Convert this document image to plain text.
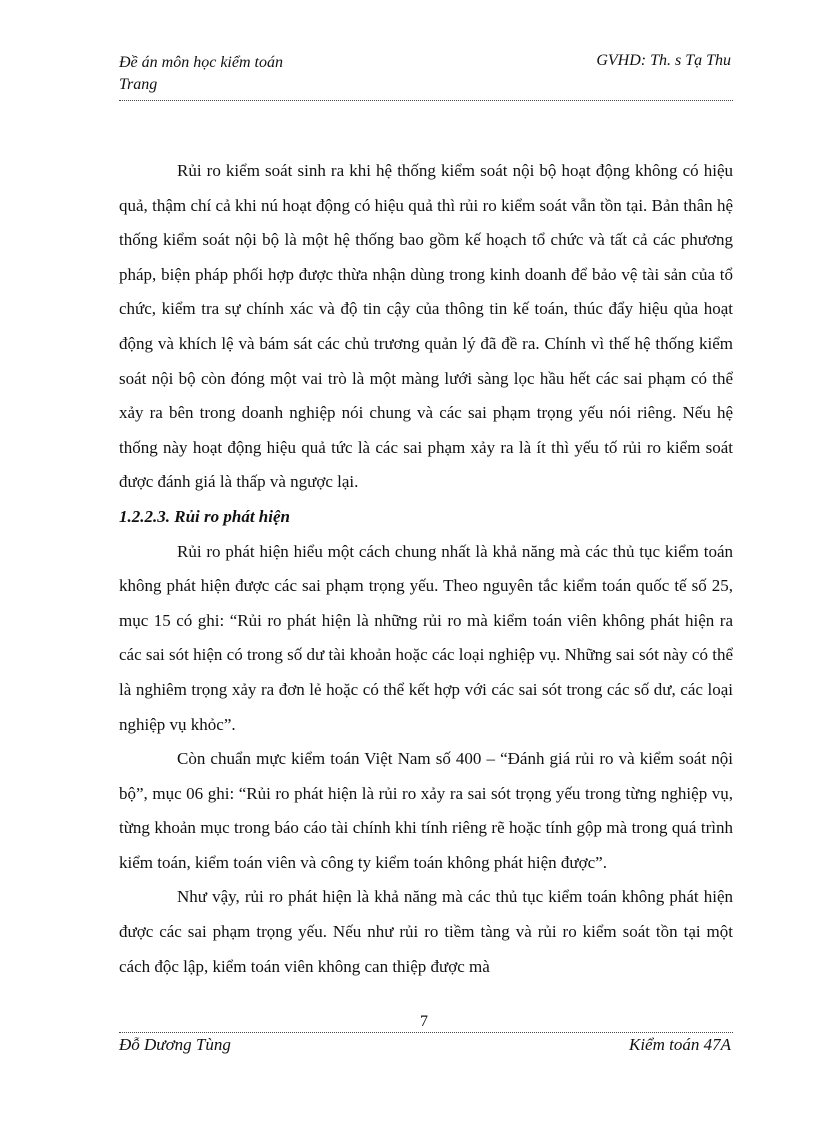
Đề án môn học kiểm toán
Trang
GVHD: Th. s Tạ Thu

Rủi ro kiểm soát sinh ra khi hệ thống kiểm soát nội bộ hoạt động không có hiệu quả, thậm chí cả khi nú hoạt động có hiệu quả thì rủi ro kiểm soát vẫn tồn tại. Bản thân hệ thống kiểm soát nội bộ là một hệ thống bao gồm kế hoạch tổ chức và tất cả các phương pháp, biện pháp phối hợp được thừa nhận dùng trong kinh doanh để bảo vệ tài sản của tổ chức, kiểm tra sự chính xác và độ tin cậy của thông tin kế toán, thúc đẩy hiệu qủa hoạt động và khích lệ và bám sát các chủ trương quản lý đã đề ra. Chính vì thế hệ thống kiểm soát nội bộ còn đóng một vai trò là một màng lưới sàng lọc hầu hết các sai phạm có thể xảy ra bên trong doanh nghiệp nói chung và các sai phạm trọng yếu nói riêng. Nếu hệ thống này hoạt động hiệu quả tức là các sai phạm xảy ra là ít thì yếu tố rủi ro kiểm soát được đánh giá là thấp và ngược lại.

1.2.2.3. Rủi ro phát hiện

Rủi ro phát hiện hiểu một cách chung nhất là khả năng mà các thủ tục kiểm toán không phát hiện được các sai phạm trọng yếu. Theo nguyên tắc kiểm toán quốc tế số 25, mục 15 có ghi: “Rủi ro phát hiện là những rủi ro mà kiểm toán viên không phát hiện ra các sai sót hiện có trong số dư tài khoản hoặc các loại nghiệp vụ. Những sai sót này có thể là nghiêm trọng xảy ra đơn lẻ hoặc có thể kết hợp với các sai sót trong các số dư, các loại nghiệp vụ khỏc”.

Còn chuẩn mực kiểm toán Việt Nam số 400 – “Đánh giá rủi ro và kiểm soát nội bộ”, mục 06 ghi: “Rủi ro phát hiện là rủi ro xảy ra sai sót trọng yếu trong từng nghiệp vụ, từng khoản mục trong báo cáo tài chính khi tính riêng rẽ hoặc tính gộp mà trong quá trình kiểm toán, kiểm toán viên và công ty kiểm toán không phát hiện được”.

Như vậy, rủi ro phát hiện là khả năng mà các thủ tục kiểm toán không phát hiện được các sai phạm trọng yếu. Nếu như rủi ro tiềm tàng và rủi ro kiểm soát tồn tại một cách độc lập, kiểm toán viên không can thiệp được mà

7
Đỗ Dương Tùng	Kiểm toán 47A
